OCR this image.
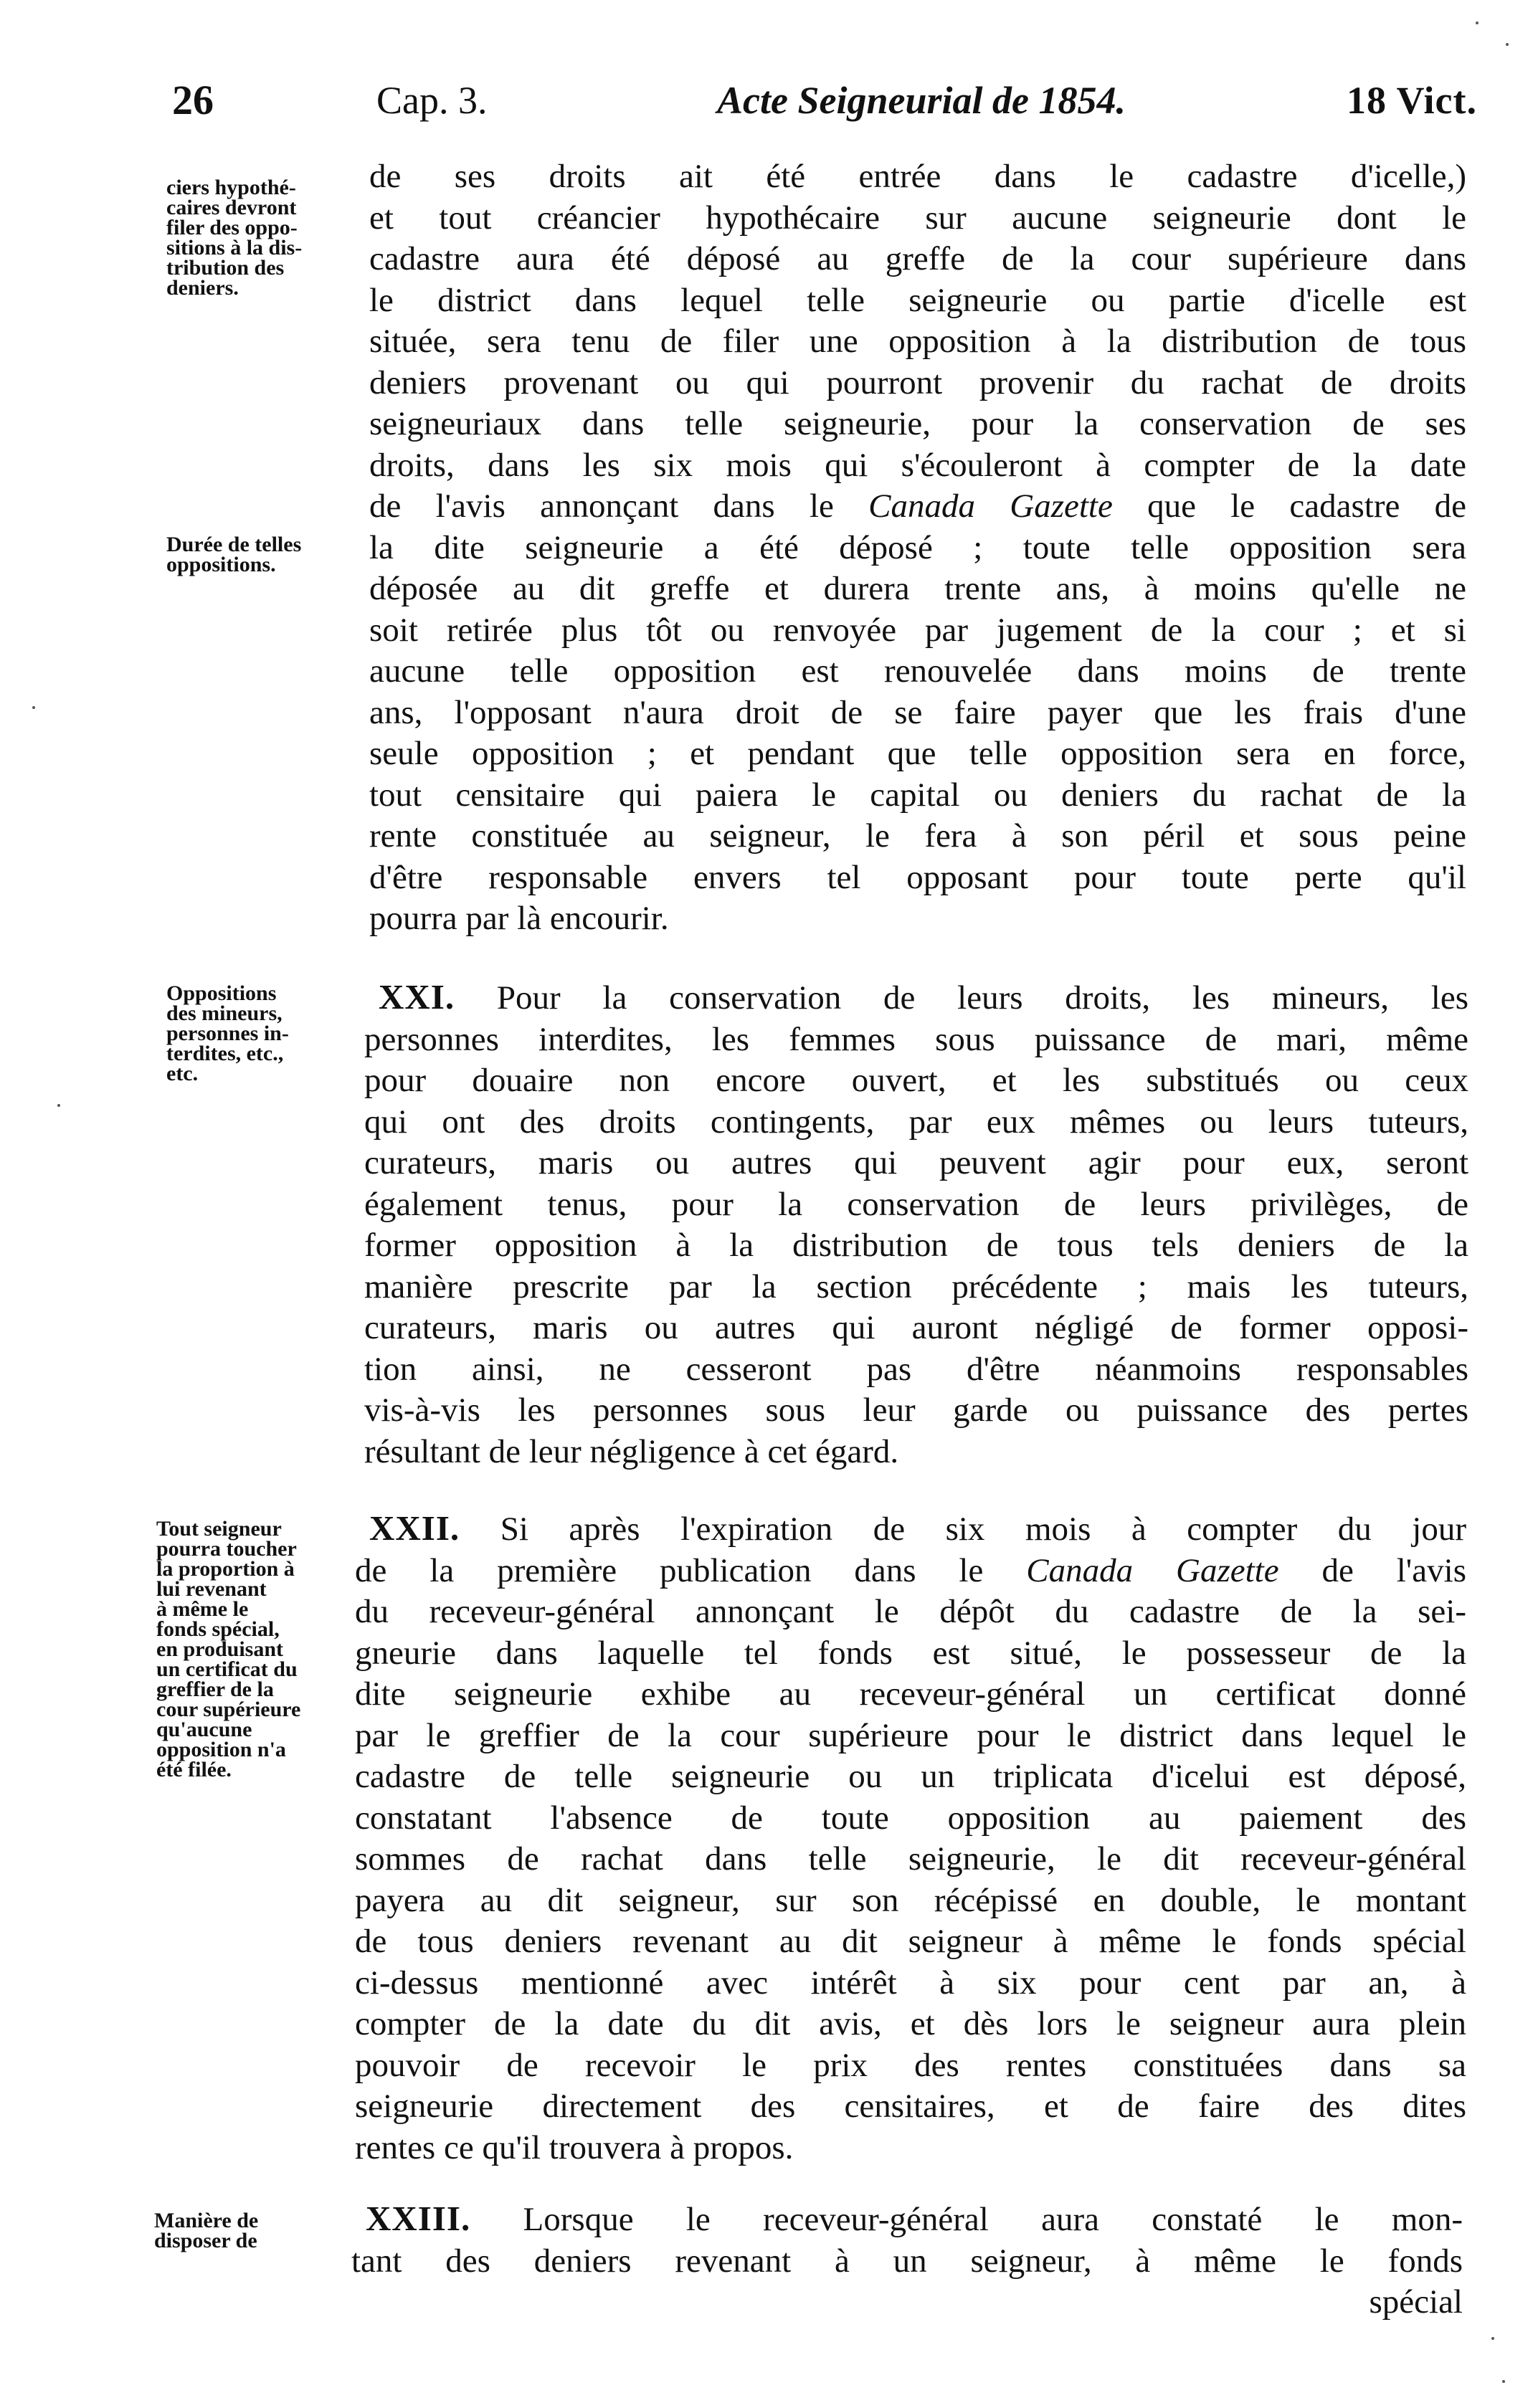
26	Cap. 3.	Acte Seigneurial de 1854.	18 Vict.
ciers hypothé-
caires devront
filer des oppo-
sitions à la dis-
tribution des
deniers.
Durée de telles
oppositions.
de ses droits ait été entrée dans le cadastre d'icelle,)
et tout créancier hypothécaire sur aucune seigneurie dont le
cadastre aura été déposé au greffe de la cour supérieure dans
le district dans lequel telle seigneurie ou partie d'icelle est
située, sera tenu de filer une opposition à la distribution de tous
deniers provenant ou qui pourront provenir du rachat de droits
seigneuriaux dans telle seigneurie, pour la conservation de ses
droits, dans les six mois qui s'écouleront à compter de la date
de l'avis annonçant dans le Canada Gazette que le cadastre de
la dite seigneurie a été déposé ; toute telle opposition sera
déposée au dit greffe et durera trente ans, à moins qu'elle ne
soit retirée plus tôt ou renvoyée par jugement de la cour ; et si
aucune telle opposition est renouvelée dans moins de trente
ans, l'opposant n'aura droit de se faire payer que les frais d'une
seule opposition ; et pendant que telle opposition sera en force,
tout censitaire qui paiera le capital ou deniers du rachat de la
rente constituée au seigneur, le fera à son péril et sous peine
d'être responsable envers tel opposant pour toute perte qu'il
pourra par là encourir.
Oppositions
des mineurs,
personnes in-
terdites, etc.,
etc.
XXI. Pour la conservation de leurs droits, les mineurs, les
personnes interdites, les femmes sous puissance de mari, même
pour douaire non encore ouvert, et les substitués ou ceux
qui ont des droits contingents, par eux mêmes ou leurs tuteurs,
curateurs, maris ou autres qui peuvent agir pour eux, seront
également tenus, pour la conservation de leurs privilèges, de
former opposition à la distribution de tous tels deniers de la
manière prescrite par la section précédente ; mais les tuteurs,
curateurs, maris ou autres qui auront négligé de former opposi-
tion ainsi, ne cesseront pas d'être néanmoins responsables
vis-à-vis les personnes sous leur garde ou puissance des pertes
résultant de leur négligence à cet égard.
Tout seigneur
pourra toucher
la proportion à
lui revenant
à même le
fonds spécial,
en produisant
un certificat du
greffier de la
cour supérieure
qu'aucune
opposition n'a
été filée.
XXII. Si après l'expiration de six mois à compter du jour
de la première publication dans le Canada Gazette de l'avis
du receveur-général annonçant le dépôt du cadastre de la sei-
gneurie dans laquelle tel fonds est situé, le possesseur de la
dite seigneurie exhibe au receveur-général un certificat donné
par le greffier de la cour supérieure pour le district dans lequel le
cadastre de telle seigneurie ou un triplicata d'icelui est déposé,
constatant l'absence de toute opposition au paiement des
sommes de rachat dans telle seigneurie, le dit receveur-général
payera au dit seigneur, sur son récépissé en double, le montant
de tous deniers revenant au dit seigneur à même le fonds spécial
ci-dessus mentionné avec intérêt à six pour cent par an, à
compter de la date du dit avis, et dès lors le seigneur aura plein
pouvoir de recevoir le prix des rentes constituées dans sa
seigneurie directement des censitaires, et de faire des dites
rentes ce qu'il trouvera à propos.
Manière de
disposer de
XXIII. Lorsque le receveur-général aura constaté le mon-
tant des deniers revenant à un seigneur, à même le fonds
spécial
